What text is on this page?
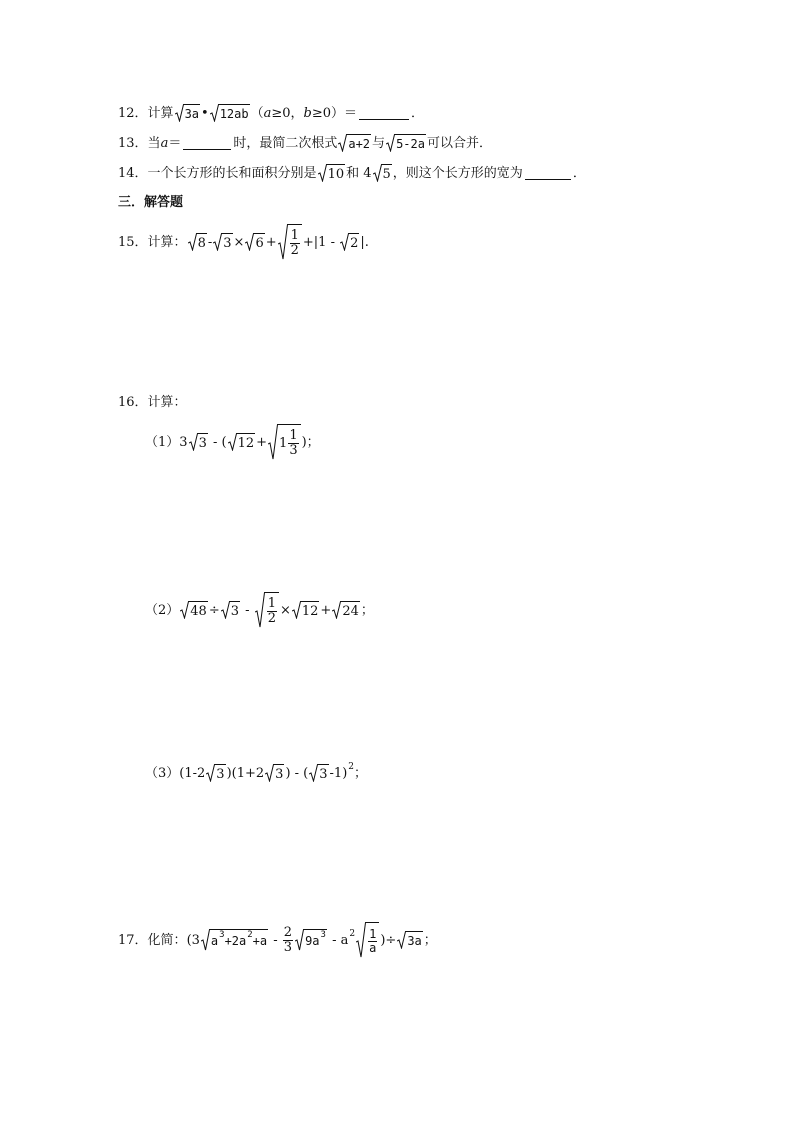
12． 计算 3a • 12ab （ a ≥0， b ≥0）＝	．
13． 当 a ＝	时，最简二次根式 a+2 与 5-2a 可以合并．
14． 一个长方形的长和面积分别是 10 和 4 5 ，则这个长方形的宽为	．
三．解答题
15． 计算： $8 - 3 \times 6 + \frac{1}{2} +|1 - 2$ |.
16． 计算：
（1） 3 3 - ( $12 + 1 \frac{1}{3}$ )；
（2） $48 \div 3 - \frac{1}{2} \times 12 + 24$ ；
（3） (1-2 3 )(1+2 3 ) - ( 3 -1) 2 ；
17． 化简： (3 a 3 +2a $2 +a - \frac{2}{3} 9a$ 3 - a $2 \frac{1}{a}$ )÷ 3a ；
